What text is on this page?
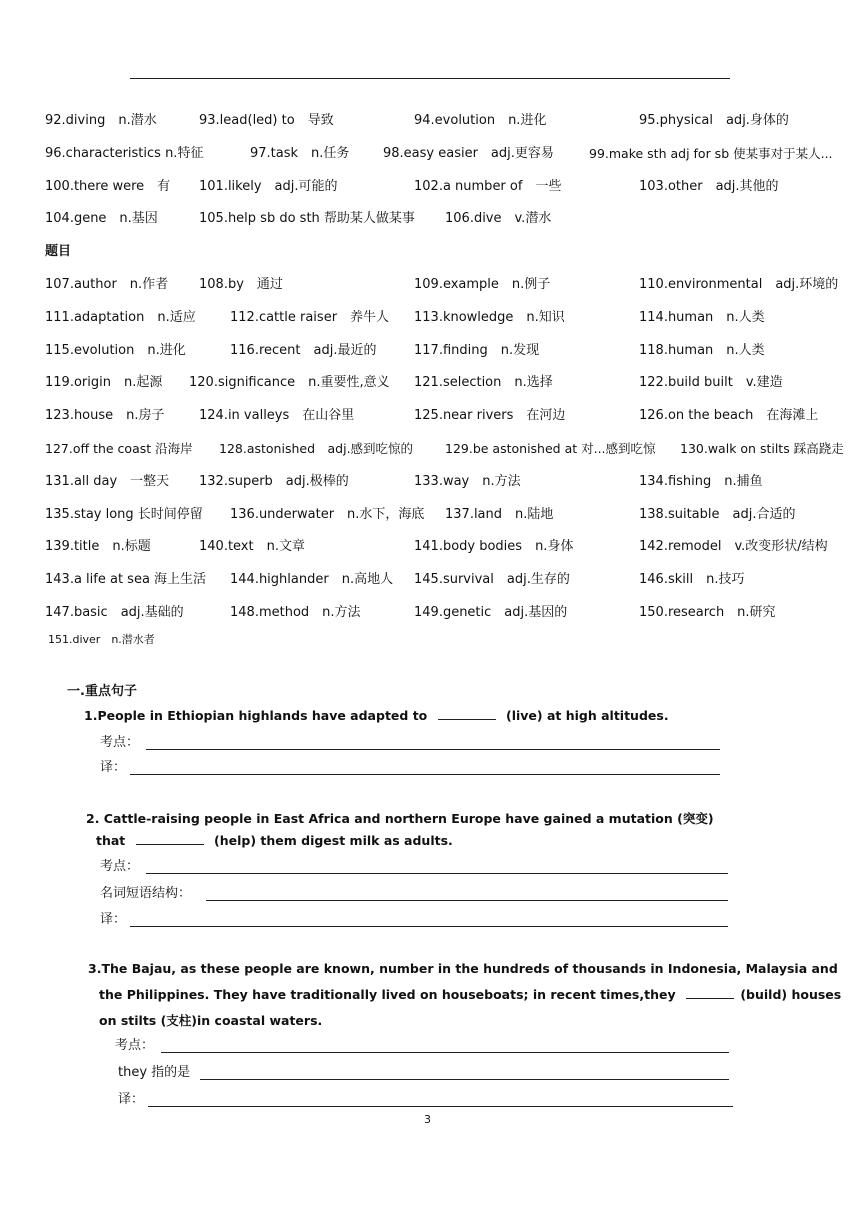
92.diving　n.潜水	93.lead(led) to　导致	94.evolution　n.进化	95.physical　adj.身体的
96.characteristics n.特征	97.task　n.任务	98.easy easier　adj.更容易	99.make sth adj for sb 使某事对于某人...
100.there were　有 101.likely　adj.可能的	102.a number of　一些	103.other　adj.其他的
104.gene　n.基因	105.help sb do sth 帮助某人做某事 106.dive　v.潜水
题目
107.author　n.作者 108.by　通过	109.example　n.例子	110.environmental　adj.环境的
111.adaptation　n.适应	112.cattle raiser　养牛人 113.knowledge　n.知识	114.human　n.人类
115.evolution　n.进化	116.recent　adj.最近的	117.finding　n.发现	118.human　n.人类
119.origin　n.起源 120.significance　n.重要性,意义 121.selection　n.选择	122.build built　v.建造
123.house　n.房子	124.in valleys　在山谷里	125.near rivers　在河边	126.on the beach　在海滩上
127.off the coast 沿海岸 128.astonished　adj.感到吃惊的	129.be astonished at 对...感到吃惊 130.walk on stilts 踩高跷走
131.all day　一整天 132.superb　adj.极棒的	133.way　n.方法	134.fishing　n.捕鱼
135.stay long 长时间停留 136.underwater　n.水下，海底 137.land　n.陆地	138.suitable　adj.合适的
139.title　n.标题	140.text　n.文章	141.body bodies　n.身体	142.remodel　v.改变形状/结构
143.a life at sea 海上生活 144.highlander　n.高地人 145.survival　adj.生存的	146.skill　n.技巧
147.basic　adj.基础的	148.method　n.方法	149.genetic　adj.基因的	150.research　n.研究
151.diver　n.潜水者
一.重点句子
1.People in Ethiopian highlands have adapted to	(live) at high altitudes.
考点：
译：
2. Cattle-raising people in East Africa and northern Europe have gained a mutation (突变)
that	(help) them digest milk as adults.
考点：
名词短语结构：
译：
3.The Bajau, as these people are known, number in the hundreds of thousands in Indonesia, Malaysia and
the Philippines. They have traditionally lived on houseboats; in recent times,they	(build) houses
on stilts (支柱)in coastal waters.
考点：
they 指的是
译：
3
